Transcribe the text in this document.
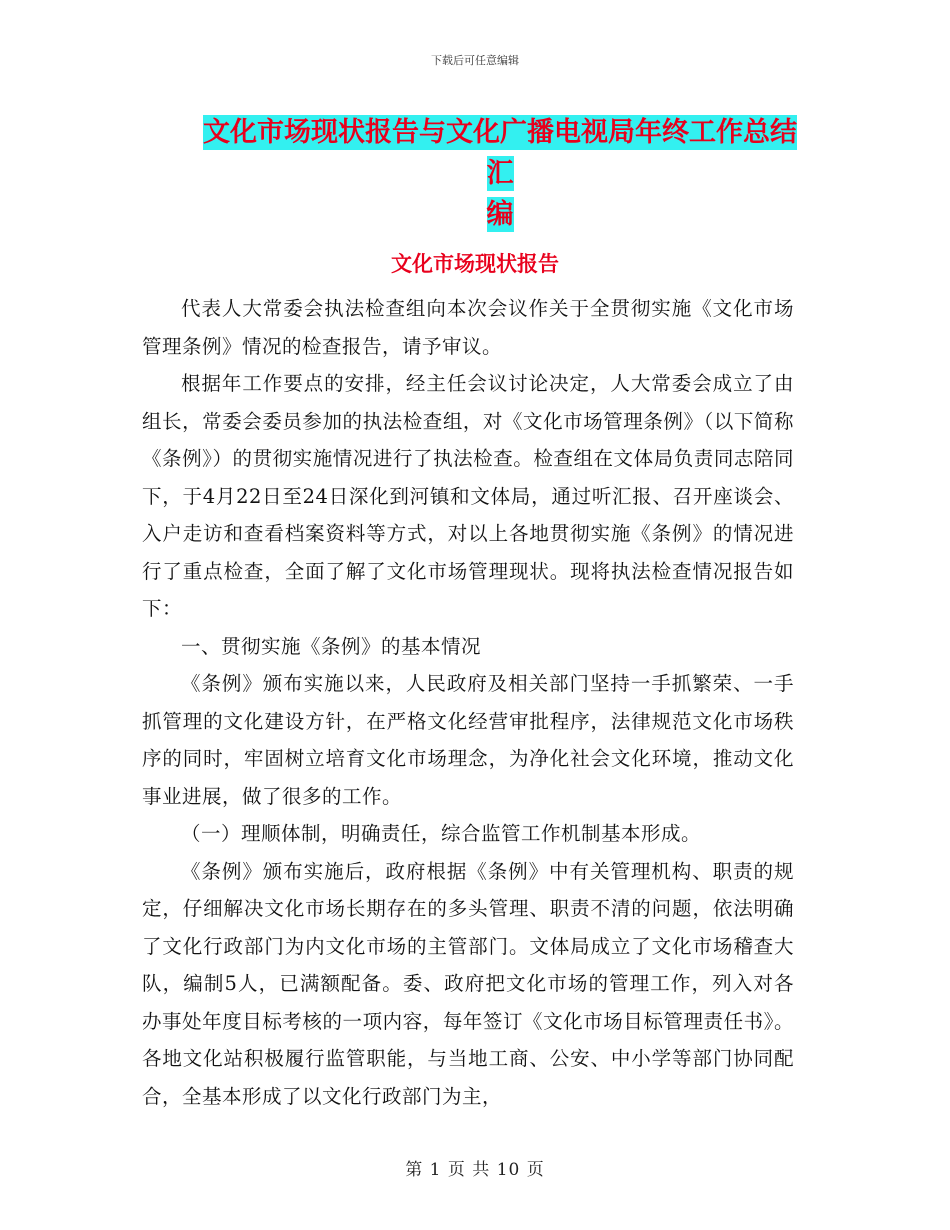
下载后可任意编辑
文化市场现状报告与文化广播电视局年终工作总结汇
编
文化市场现状报告

代表人大常委会执法检查组向本次会议作关于全贯彻实施《文化市场管理条例》情况的检查报告，请予审议。

根据年工作要点的安排，经主任会议讨论决定，人大常委会成立了由组长，常委会委员参加的执法检查组，对《文化市场管理条例》（以下简称《条例》）的贯彻实施情况进行了执法检查。检查组在文体局负责同志陪同下，于4月22日至24日深化到河镇和文体局，通过听汇报、召开座谈会、入户走访和查看档案资料等方式，对以上各地贯彻实施《条例》的情况进行了重点检查，全面了解了文化市场管理现状。现将执法检查情况报告如下：

一、贯彻实施《条例》的基本情况

《条例》颁布实施以来，人民政府及相关部门坚持一手抓繁荣、一手抓管理的文化建设方针，在严格文化经营审批程序，法律规范文化市场秩序的同时，牢固树立培育文化市场理念，为净化社会文化环境，推动文化事业进展，做了很多的工作。

（一）理顺体制，明确责任，综合监管工作机制基本形成。

《条例》颁布实施后，政府根据《条例》中有关管理机构、职责的规定，仔细解决文化市场长期存在的多头管理、职责不清的问题，依法明确了文化行政部门为内文化市场的主管部门。文体局成立了文化市场稽查大队，编制5人，已满额配备。委、政府把文化市场的管理工作，列入对各办事处年度目标考核的一项内容，每年签订《文化市场目标管理责任书》。各地文化站积极履行监管职能，与当地工商、公安、中小学等部门协同配合，全基本形成了以文化行政部门为主，

第 1 页 共 10 页
